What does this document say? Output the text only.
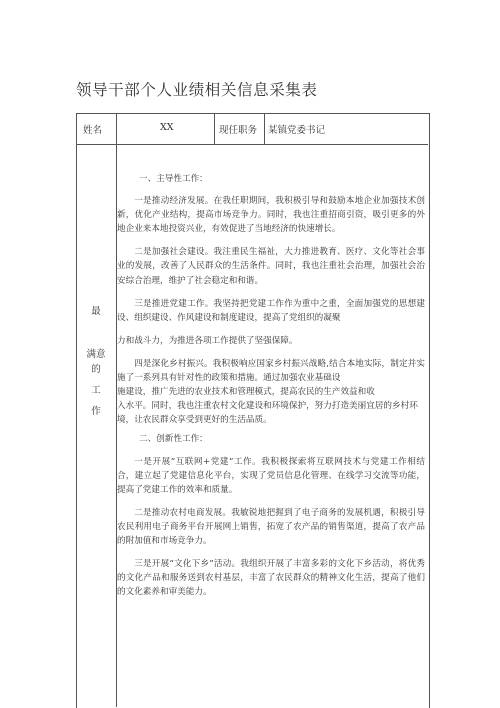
领导干部个人业绩相关信息采集表
姓名	XX	现任职务 某镇党委书记
最
满意
的
工
作

一、主导性工作：

一是推动经济发展。在我任职期间，我积极引导和鼓励本地企业加强技术创新，优化产业结构，提高市场竞争力。同时，我也注重招商引资，吸引更多的外地企业来本地投资兴业，有效促进了当地经济的快速增长。

二是加强社会建设。我注重民生福祉，大力推进教育、医疗、文化等社会事业的发展，改善了人民群众的生活条件。同时，我也注重社会治理，加强社会治安综合治理，维护了社会稳定和和谐。

三是推进党建工作。我坚持把党建工作作为重中之重，全面加强党的思想建设、组织建设、作风建设和制度建设，提高了党组织的凝聚

力和战斗力，为推进各项工作提供了坚强保障。

四是深化乡村振兴。我积极响应国家乡村振兴战略,结合本地实际，制定并实施了一系列具有针对性的政策和措施。通过加强农业基础设

施建设，推广先进的农业技术和管理模式，提高农民的生产效益和收

入水平。同时，我也注重农村文化建设和环境保护，努力打造美丽宜居的乡村环境，让农民群众享受到更好的生活品质。

二、创新性工作：

一是开展“互联网+党建”工作。我积极探索将互联网技术与党建工作相结合，建立起了党建信息化平台，实现了党员信息化管理、在线学习交流等功能，提高了党建工作的效率和质量。

二是推动农村电商发展。我敏锐地把握到了电子商务的发展机遇，积极引导农民利用电子商务平台开展网上销售，拓宽了农产品的销售渠道，提高了农产品的附加值和市场竞争力。

三是开展“文化下乡”活动。我组织开展了丰富多彩的文化下乡活动，将优秀的文化产品和服务送到农村基层，丰富了农民群众的精神文化生活，提高了他们的文化素养和审美能力。
